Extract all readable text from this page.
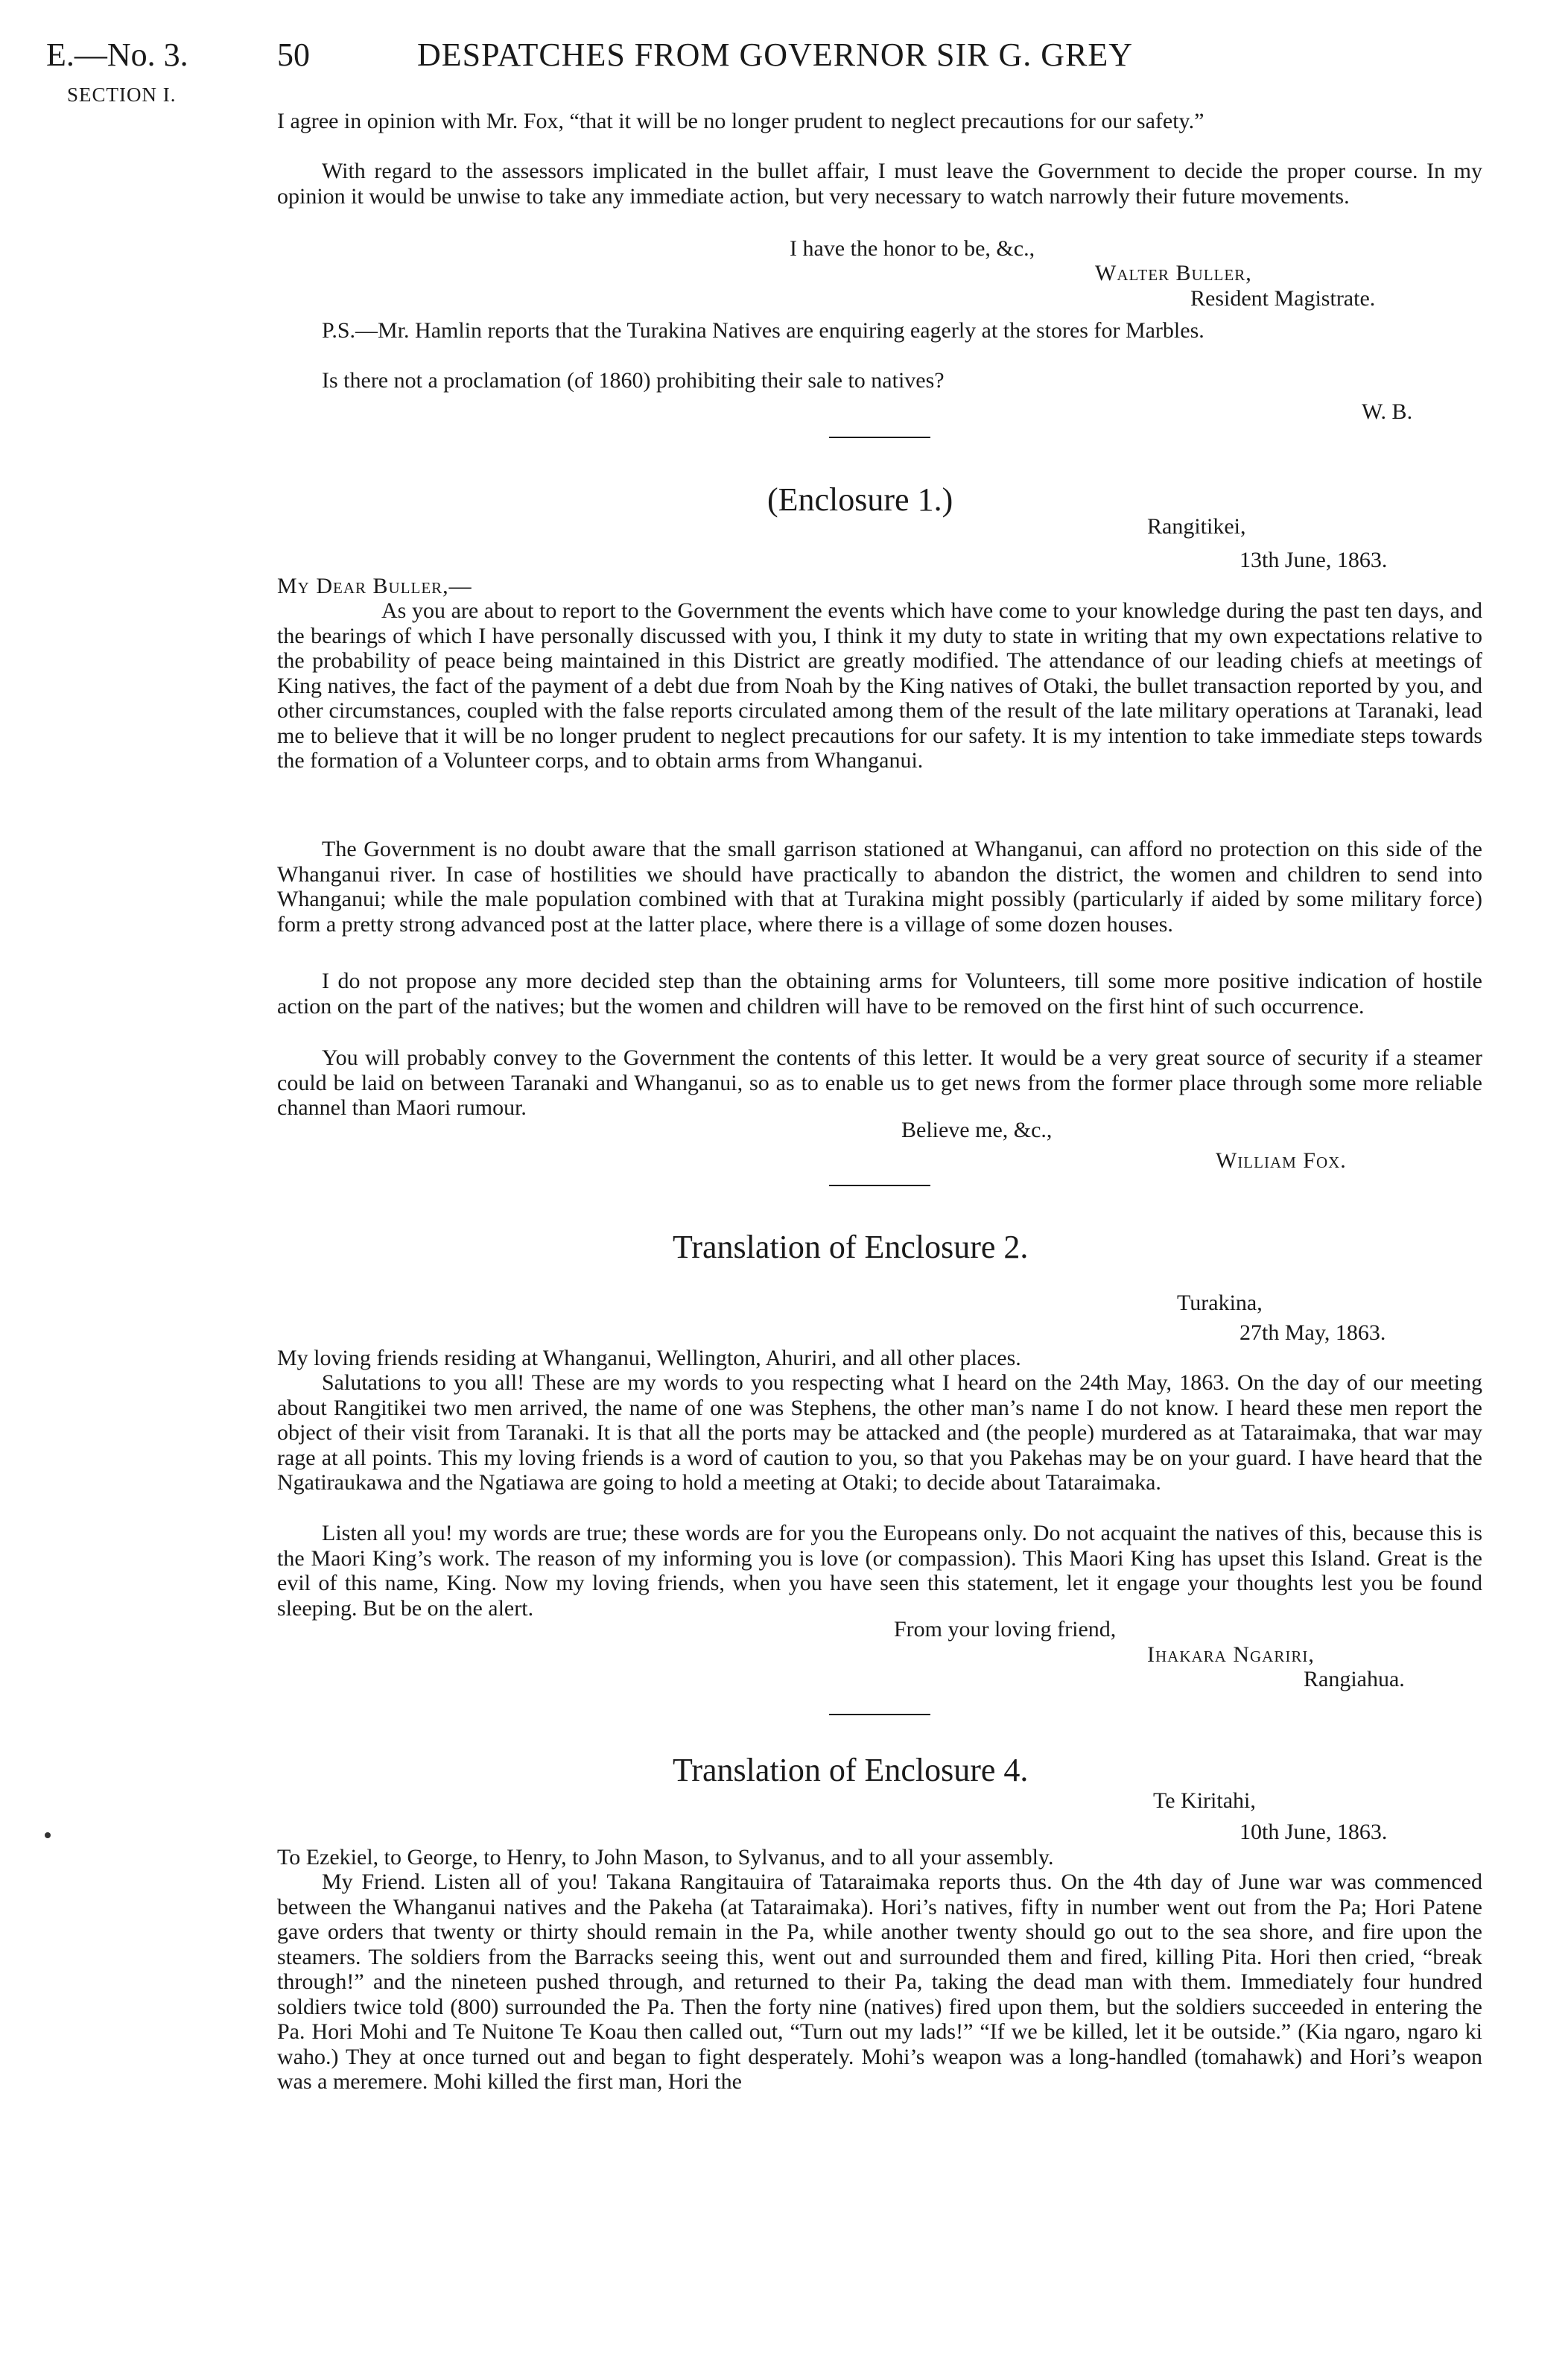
E.—No. 3.	50	DESPATCHES FROM GOVERNOR SIR G. GREY
SECTION I.

I agree in opinion with Mr. Fox, “that it will be no longer prudent to neglect precautions for our safety.”

With regard to the assessors implicated in the bullet affair, I must leave the Government to decide the proper course. In my opinion it would be unwise to take any immediate action, but very necessary to watch narrowly their future movements.

I have the honor to be, &c.,
Walter Buller,
Resident Magistrate.

P.S.—Mr. Hamlin reports that the Turakina Natives are enquiring eagerly at the stores for Marbles.

Is there not a proclamation (of 1860) prohibiting their sale to natives?

W. B.
(Enclosure 1.)
Rangitikei,
13th June, 1863.
My Dear Buller,—

As you are about to report to the Government the events which have come to your knowledge during the past ten days, and the bearings of which I have personally discussed with you, I think it my duty to state in writing that my own expectations relative to the probability of peace being maintained in this District are greatly modified. The attendance of our leading chiefs at meetings of King natives, the fact of the payment of a debt due from Noah by the King natives of Otaki, the bullet transaction reported by you, and other circumstances, coupled with the false reports circulated among them of the result of the late military operations at Taranaki, lead me to believe that it will be no longer prudent to neglect precautions for our safety. It is my intention to take immediate steps towards the formation of a Volunteer corps, and to obtain arms from Whanganui.

The Government is no doubt aware that the small garrison stationed at Whanganui, can afford no protection on this side of the Whanganui river. In case of hostilities we should have practically to abandon the district, the women and children to send into Whanganui; while the male population combined with that at Turakina might possibly (particularly if aided by some military force) form a pretty strong advanced post at the latter place, where there is a village of some dozen houses.

I do not propose any more decided step than the obtaining arms for Volunteers, till some more positive indication of hostile action on the part of the natives; but the women and children will have to be removed on the first hint of such occurrence.

You will probably convey to the Government the contents of this letter. It would be a very great source of security if a steamer could be laid on between Taranaki and Whanganui, so as to enable us to get news from the former place through some more reliable channel than Maori rumour.

Believe me, &c.,
William Fox.
Translation of Enclosure 2.
Turakina,
27th May, 1863.
My loving friends residing at Whanganui, Wellington, Ahuriri, and all other places.

Salutations to you all! These are my words to you respecting what I heard on the 24th May, 1863. On the day of our meeting about Rangitikei two men arrived, the name of one was Stephens, the other man’s name I do not know. I heard these men report the object of their visit from Taranaki. It is that all the ports may be attacked and (the people) murdered as at Tataraimaka, that war may rage at all points. This my loving friends is a word of caution to you, so that you Pakehas may be on your guard. I have heard that the Ngatiraukawa and the Ngatiawa are going to hold a meeting at Otaki; to decide about Tataraimaka.

Listen all you! my words are true; these words are for you the Europeans only. Do not acquaint the natives of this, because this is the Maori King’s work. The reason of my informing you is love (or compassion). This Maori King has upset this Island. Great is the evil of this name, King. Now my loving friends, when you have seen this statement, let it engage your thoughts lest you be found sleeping. But be on the alert.

From your loving friend,
Ihakara Ngariri,
Rangiahua.
Translation of Enclosure 4.
Te Kiritahi,
10th June, 1863.
To Ezekiel, to George, to Henry, to John Mason, to Sylvanus, and to all your assembly.

My Friend. Listen all of you! Takana Rangitauira of Tataraimaka reports thus. On the 4th day of June war was commenced between the Whanganui natives and the Pakeha (at Tataraimaka). Hori’s natives, fifty in number went out from the Pa; Hori Patene gave orders that twenty or thirty should remain in the Pa, while another twenty should go out to the sea shore, and fire upon the steamers. The soldiers from the Barracks seeing this, went out and surrounded them and fired, killing Pita. Hori then cried, “break through!” and the nineteen pushed through, and returned to their Pa, taking the dead man with them. Immediately four hundred soldiers twice told (800) surrounded the Pa. Then the forty nine (natives) fired upon them, but the soldiers succeeded in entering the Pa. Hori Mohi and Te Nuitone Te Koau then called out, “Turn out my lads!” “If we be killed, let it be outside.” (Kia ngaro, ngaro ki waho.) They at once turned out and began to fight desperately. Mohi’s weapon was a long-handled (tomahawk) and Hori’s weapon was a meremere. Mohi killed the first man, Hori the
